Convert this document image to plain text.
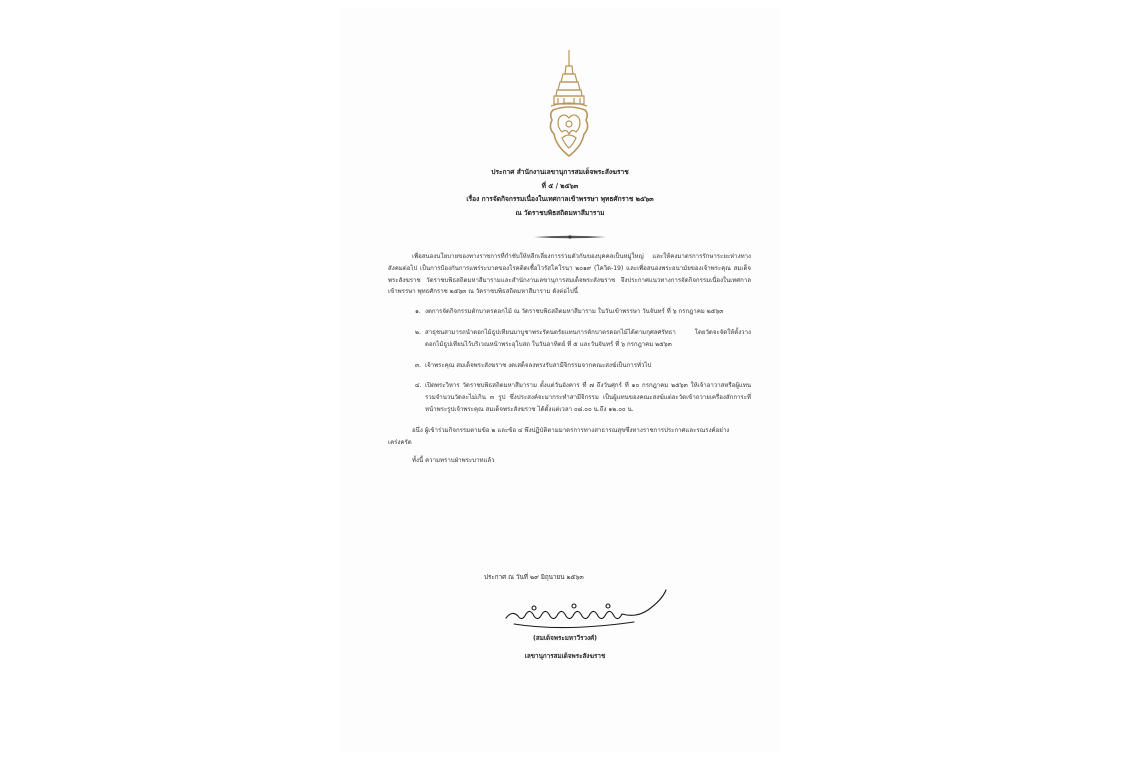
ประกาศ สำนักงานเลขานุการสมเด็จพระสังฆราช
ที่ ๕ / ๒๕๖๓
เรื่อง การจัดกิจกรรมเนื่องในเทศกาลเข้าพรรษา พุทธศักราช ๒๕๖๓
ณ วัดราชบพิธสถิตมหาสีมาราม

เพื่อสนองนโยบายของทางราชการที่กำชับให้หลีกเลี่ยงการรวมตัวกันของบุคคลเป็นหมู่ใหญ่ และให้คงมาตรการรักษาระยะห่างทางสังคมต่อไป เป็นการป้องกันการแพร่ระบาดของโรคติดเชื้อไวรัสโคโรนา ๒๐๑๙ (โควิด-19) และเพื่อสนองพระอนามัยของเจ้าพระคุณ สมเด็จพระสังฆราช วัดราชบพิธสถิตมหาสีมารามและสำนักงานเลขานุการสมเด็จพระสังฆราช จึงประกาศแนวทางการจัดกิจกรรมเนื่องในเทศกาลเข้าพรรษา พุทธศักราช ๒๕๖๓ ณ วัดราชบพิธสถิตมหาสีมาราม ดังต่อไปนี้

๑. งดการจัดกิจกรรมตักบาตรดอกไม้ ณ วัดราชบพิธสถิตมหาสีมาราม ในวันเข้าพรรษา วันจันทร์ ที่ ๖ กรกฎาคม ๒๕๖๓
๒. สาธุชนสามารถนำดอกไม้ธูปเทียนมาบูชาพระรัตนตรัยแทนการตักบาตรดอกไม้ได้ตามกุศลศรัทธา โดยวัดจะจัดให้ตั้งวางดอกไม้ธูปเทียนไว้บริเวณหน้าพระอุโบสถ ในวันอาทิตย์ ที่ ๕ และวันจันทร์ ที่ ๖ กรกฎาคม ๒๕๖๓
๓. เจ้าพระคุณ สมเด็จพระสังฆราช งดเสด็จลงทรงรับสามีจิกรรมจากคณะสงฆ์เป็นการทั่วไป
๔. เปิดพระวิหาร วัดราชบพิธสถิตมหาสีมาราม ตั้งแต่วันอังคาร ที่ ๗ ถึงวันศุกร์ ที่ ๑๐ กรกฎาคม ๒๕๖๓ ให้เจ้าอาวาสหรือผู้แทน รวมจำนวนวัดละไม่เกิน ๓ รูป ซึ่งประสงค์จะมากระทำสามีจิกรรม เป็นผู้แทนของคณะสงฆ์แต่ละวัดเข้าถวายเครื่องสักการะที่หน้าพระรูปเจ้าพระคุณ สมเด็จพระสังฆราช ได้ตั้งแต่เวลา ๐๘.๐๐ น.ถึง ๑๒.๐๐ น.

อนึ่ง ผู้เข้าร่วมกิจกรรมตามข้อ ๒ และข้อ ๔ พึงปฏิบัติตามมาตรการทางสาธารณสุขซึ่งทางราชการประกาศและรณรงค์อย่างเคร่งครัด

ทั้งนี้ ความทราบฝ่าพระบาทแล้ว

ประกาศ ณ วันที่ ๒๙ มิถุนายน ๒๕๖๓
(สมเด็จพระมหาวีรวงศ์)
เลขานุการสมเด็จพระสังฆราช
